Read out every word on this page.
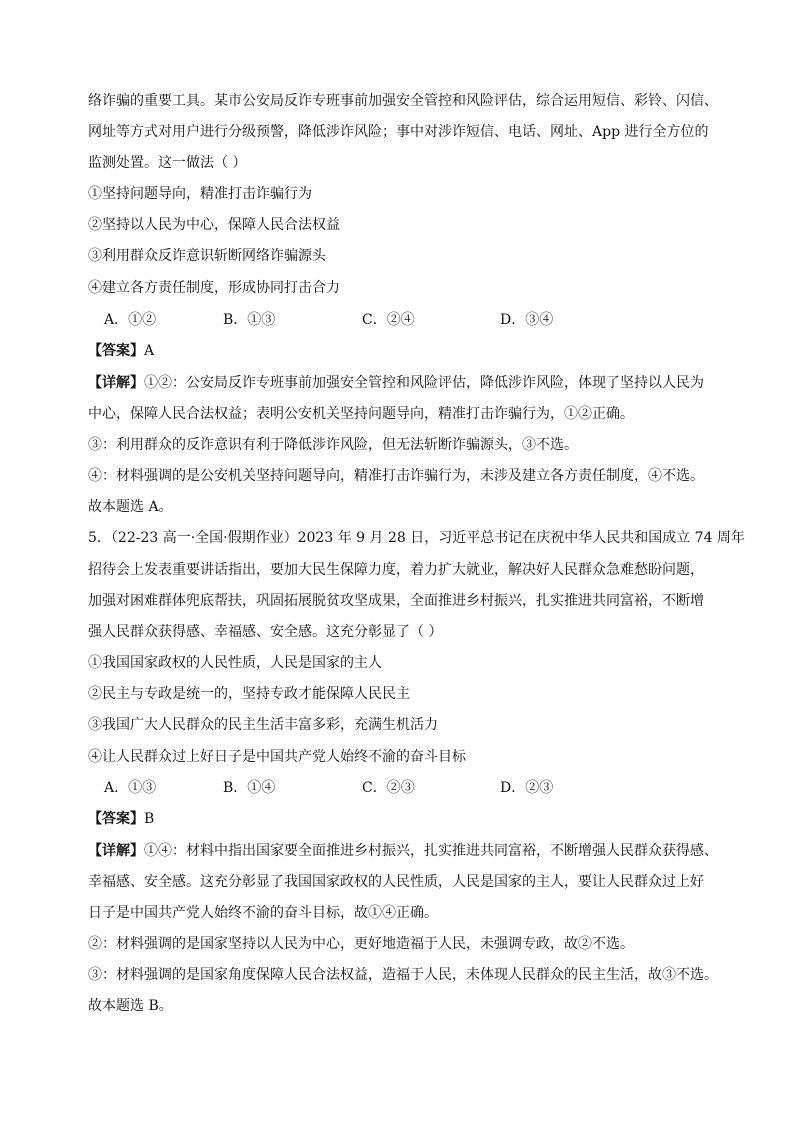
络诈骗的重要工具。某市公安局反诈专班事前加强安全管控和风险评估，综合运用短信、彩铃、闪信、
网址等方式对用户进行分级预警，降低涉诈风险；事中对涉诈短信、电话、网址、App 进行全方位的
监测处置。这一做法（ ）
①坚持问题导向，精准打击诈骗行为
②坚持以人民为中心，保障人民合法权益
③利用群众反诈意识斩断网络诈骗源头
④建立各方责任制度，形成协同打击合力
A．①②	B．①③	C．②④	D．③④
【答案】A
【详解】①②：公安局反诈专班事前加强安全管控和风险评估，降低涉诈风险，体现了坚持以人民为
中心，保障人民合法权益；表明公安机关坚持问题导向，精准打击诈骗行为，①②正确。
③：利用群众的反诈意识有利于降低涉诈风险，但无法斩断诈骗源头，③不选。
④：材料强调的是公安机关坚持问题导向，精准打击诈骗行为，未涉及建立各方责任制度，④不选。
故本题选 A。
5．（22-23 高一·全国·假期作业）2023 年 9 月 28 日，习近平总书记在庆祝中华人民共和国成立 74 周年
招待会上发表重要讲话指出，要加大民生保障力度，着力扩大就业，解决好人民群众急难愁盼问题，
加强对困难群体兜底帮扶，巩固拓展脱贫攻坚成果，全面推进乡村振兴，扎实推进共同富裕，不断增
强人民群众获得感、幸福感、安全感。这充分彰显了（ ）
①我国国家政权的人民性质，人民是国家的主人
②民主与专政是统一的，坚持专政才能保障人民民主
③我国广大人民群众的民主生活丰富多彩，充满生机活力
④让人民群众过上好日子是中国共产党人始终不渝的奋斗目标
A．①③	B．①④	C．②③	D．②③
【答案】B
【详解】①④：材料中指出国家要全面推进乡村振兴，扎实推进共同富裕，不断增强人民群众获得感、
幸福感、安全感。这充分彰显了我国国家政权的人民性质，人民是国家的主人，要让人民群众过上好
日子是中国共产党人始终不渝的奋斗目标，故①④正确。
②：材料强调的是国家坚持以人民为中心，更好地造福于人民，未强调专政，故②不选。
③：材料强调的是国家角度保障人民合法权益，造福于人民，未体现人民群众的民主生活，故③不选。
故本题选 B。
